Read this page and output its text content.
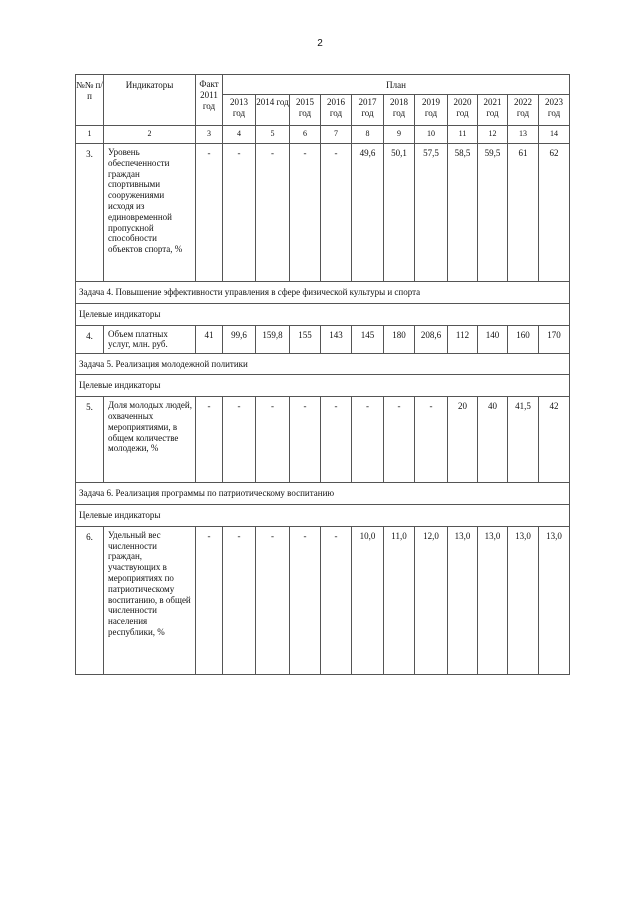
2
№№ п/п	Индикаторы	Факт 2011 год	План										
			2013 год	2014 год	2015 год	2016 год	2017 год	2018 год	2019 год	2020 год	2021 год	2022 год	2023 год
1	2	3	4	5	6	7	8	9	10	11	12	13	14
3.	Уровень обеспеченности граждан спортивными сооружениями исходя из единовременной пропускной способности объектов спорта, %	-	-	-	-	-	49,6	50,1	57,5	58,5	59,5	61	62
Задача 4. Повышение эффективности управления в сфере физической культуры и спорта													
Целевые индикаторы													
4.	Объем платных услуг, млн. руб.	41	99,6	159,8	155	143	145	180	208,6	112	140	160	170
Задача 5. Реализация молодежной политики													
Целевые индикаторы													
5.	Доля молодых людей, охваченных мероприятиями, в общем количестве молодежи, %	-	-	-	-	-	-	-	-	20	40	41,5	42
Задача 6. Реализация программы по патриотическому воспитанию													
Целевые индикаторы													
6.	Удельный вес численности граждан, участвующих в мероприятиях по патриотическому воспитанию, в общей численности населения республики, %	-	-	-	-	-	10,0	11,0	12,0	13,0	13,0	13,0	13,0
